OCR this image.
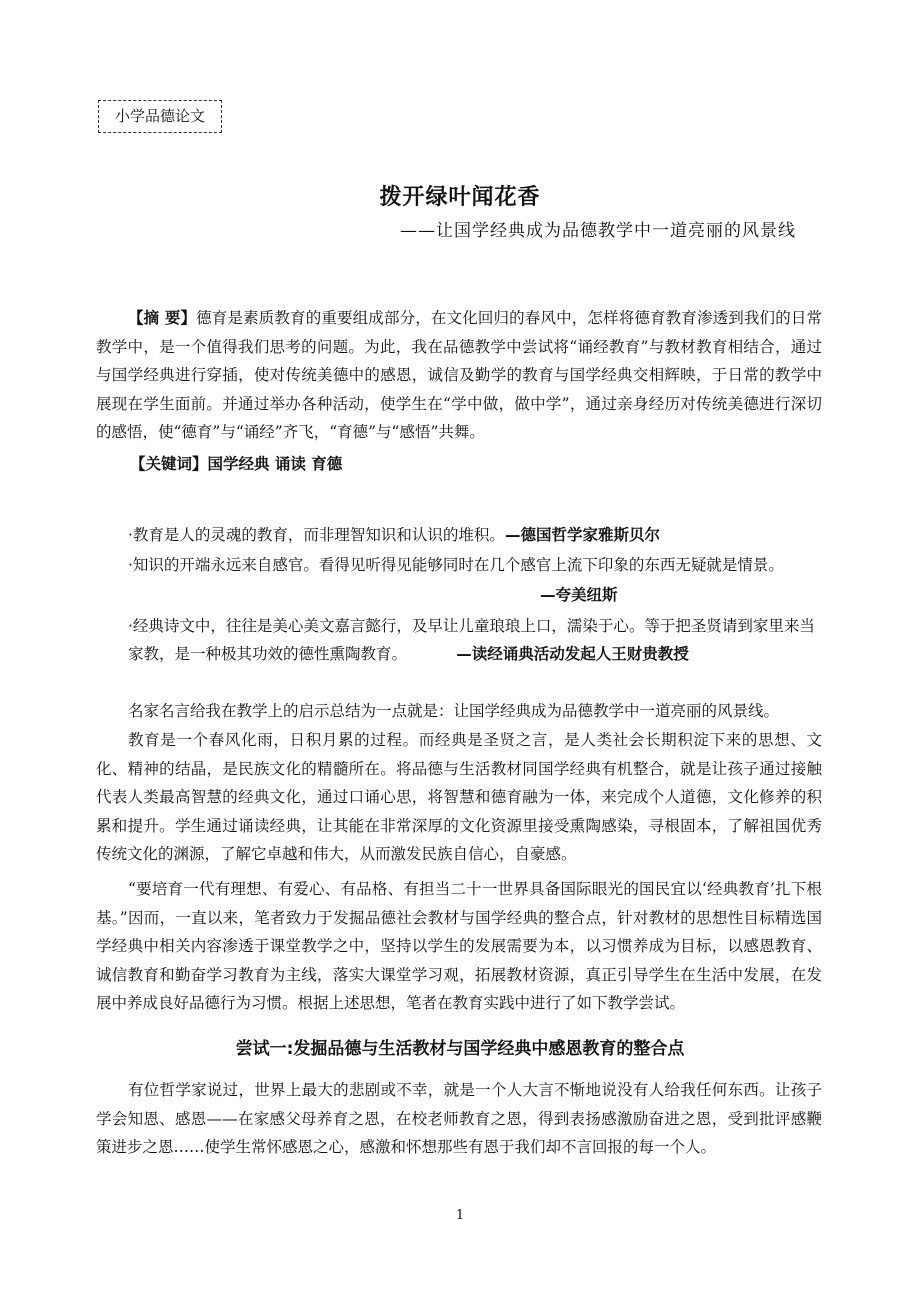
小学品德论文
拨开绿叶闻花香
——让国学经典成为品德教学中一道亮丽的风景线

【摘 要】德育是素质教育的重要组成部分，在文化回归的春风中，怎样将德育教育渗透到我们的日常教学中，是一个值得我们思考的问题。为此，我在品德教学中尝试将“诵经教育”与教材教育相结合，通过与国学经典进行穿插，使对传统美德中的感恩，诚信及勤学的教育与国学经典交相辉映，于日常的教学中展现在学生面前。并通过举办各种活动，使学生在“学中做，做中学”，通过亲身经历对传统美德进行深切的感悟，使“德育”与“诵经”齐飞，“育德”与“感悟”共舞。

【关键词】国学经典 诵读 育德
·教育是人的灵魂的教育，而非理智知识和认识的堆积。—德国哲学家雅斯贝尔
·知识的开端永远来自感官。看得见听得见能够同时在几个感官上流下印象的东西无疑就是情景。
—夸美纽斯
·经典诗文中，往往是美心美文嘉言懿行，及早让儿童琅琅上口，濡染于心。等于把圣贤请到家里来当家教，是一种极其功效的德性熏陶教育。	—读经诵典活动发起人王财贵教授

名家名言给我在教学上的启示总结为一点就是：让国学经典成为品德教学中一道亮丽的风景线。

教育是一个春风化雨，日积月累的过程。而经典是圣贤之言，是人类社会长期积淀下来的思想、文化、精神的结晶，是民族文化的精髓所在。将品德与生活教材同国学经典有机整合，就是让孩子通过接触代表人类最高智慧的经典文化，通过口诵心思，将智慧和德育融为一体，来完成个人道德，文化修养的积累和提升。学生通过诵读经典，让其能在非常深厚的文化资源里接受熏陶感染，寻根固本，了解祖国优秀传统文化的渊源，了解它卓越和伟大，从而激发民族自信心，自豪感。

“要培育一代有理想、有爱心、有品格、有担当二十一世界具备国际眼光的国民宜以‘经典教育’扎下根基。”因而，一直以来，笔者致力于发掘品德社会教材与国学经典的整合点，针对教材的思想性目标精选国学经典中相关内容渗透于课堂教学之中，坚持以学生的发展需要为本，以习惯养成为目标，以感恩教育、诚信教育和勤奋学习教育为主线，落实大课堂学习观，拓展教材资源，真正引导学生在生活中发展，在发展中养成良好品德行为习惯。根据上述思想，笔者在教育实践中进行了如下教学尝试。

尝试一:发掘品德与生活教材与国学经典中感恩教育的整合点

有位哲学家说过，世界上最大的悲剧或不幸，就是一个人大言不惭地说没有人给我任何东西。让孩子学会知恩、感恩——在家感父母养育之恩，在校老师教育之恩，得到表扬感激励奋进之恩，受到批评感鞭策进步之恩……使学生常怀感恩之心，感激和怀想那些有恩于我们却不言回报的每一个人。

1
